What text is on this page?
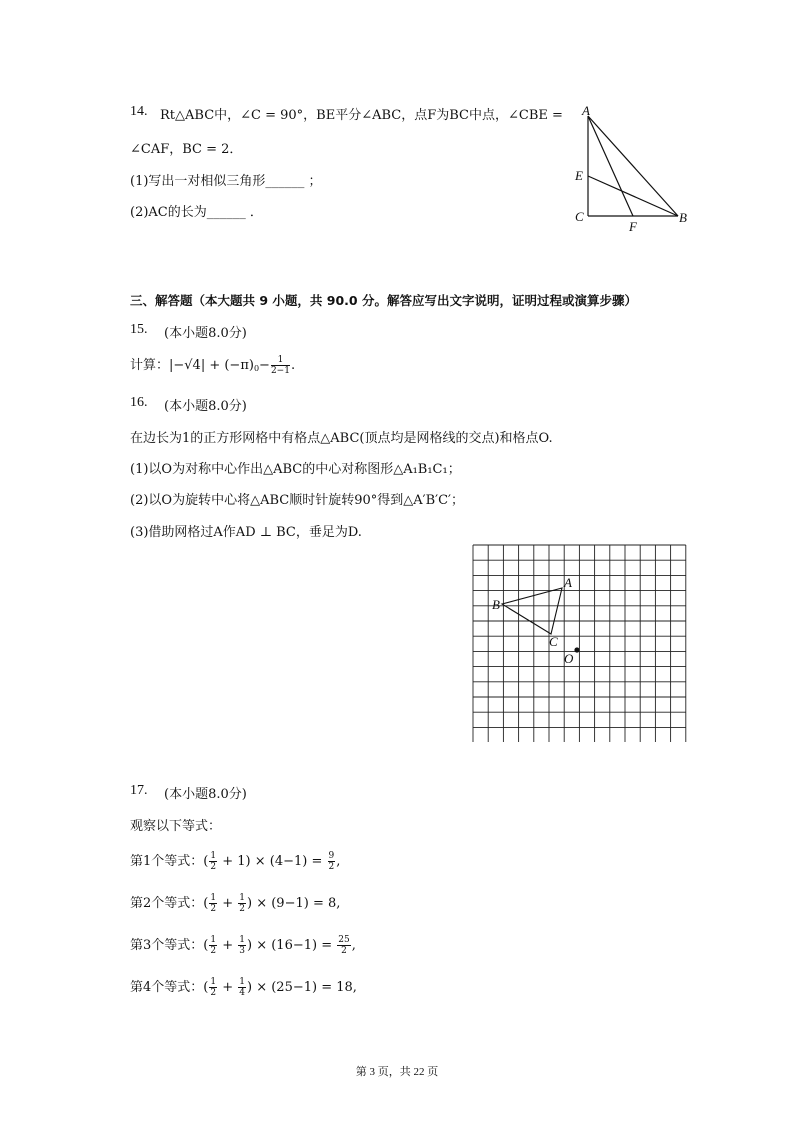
14. Rt△ABC中，∠C = 90°，BE平分∠ABC，点F为BC中点，∠CBE =
∠CAF，BC = 2．
(1)写出一对相似三角形______ ；
(2)AC的长为______ ．
A
E
C
F
B
三、解答题（本大题共 9 小题，共 90.0 分。解答应写出文字说明，证明过程或演算步骤）
15. (本小题8.0分)
计算：$|-√4| + (-\pi)0- \frac{1}{2-1}$ .
16. (本小题8.0分)
在边长为1的正方形网格中有格点△ABC(顶点均是网格线的交点)和格点O.
(1)以O为对称中心作出△ABC的中心对称图形△A₁B₁C₁；
(2)以O为旋转中心将△ABC顺时针旋转90°得到△A′B′C′；
(3)借助网格过A作AD ⊥ BC，垂足为D.
A
B
C
O
17. (本小题8.0分)
观察以下等式：
第1个等式：( $\frac{1}{2} + 1) \times (4-1) = \frac{9}{2}$ ,
第2个等式：( $\frac{1}{2} + \frac{1}{2}$ ) × (9−1) = 8,
第3个等式：( $\frac{1}{2} + \frac{1}{3}$ ) × $(16-1) = \frac{25}{2}$ ,
第4个等式：( $\frac{1}{2} + \frac{1}{4}$ ) × (25−1) = 18,
第 3 页，共 22 页
